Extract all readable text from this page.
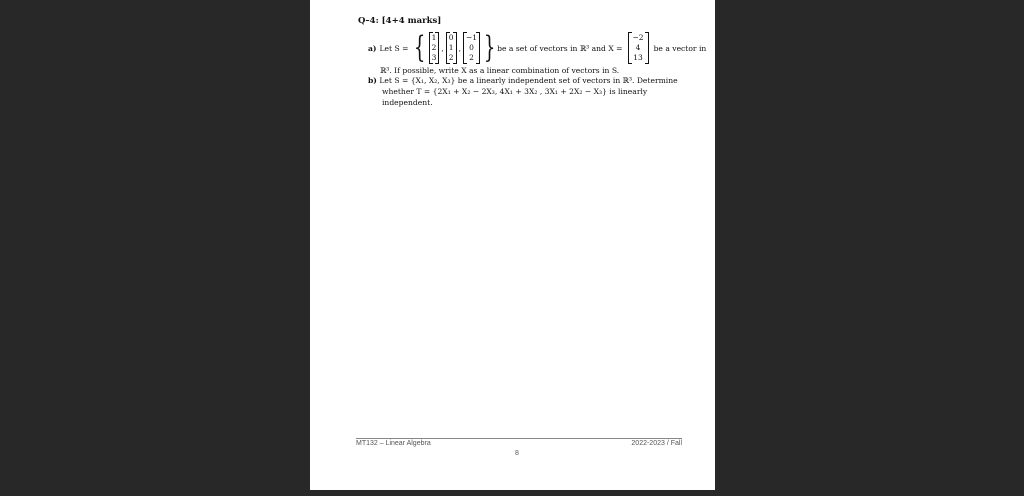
Q–4: [4+4 marks]
a) Let S = { 1
2
3
,
0
1
2
,
−1
0
2 } be a set of vectors in ℝ³ and X =
−2
4
13
be a vector in
ℝ³. If possible, write X as a linear combination of vectors in S.
b) Let S = {X₁, X₂, X₃} be a linearly independent set of vectors in ℝ³. Determine
whether T = {2X₁ + X₂ − 2X₃, 4X₁ + 3X₂ , 3X₁ + 2X₂ − X₃} is linearly
independent.
MT132 – Linear Algebra	2022-2023 / Fall
8
